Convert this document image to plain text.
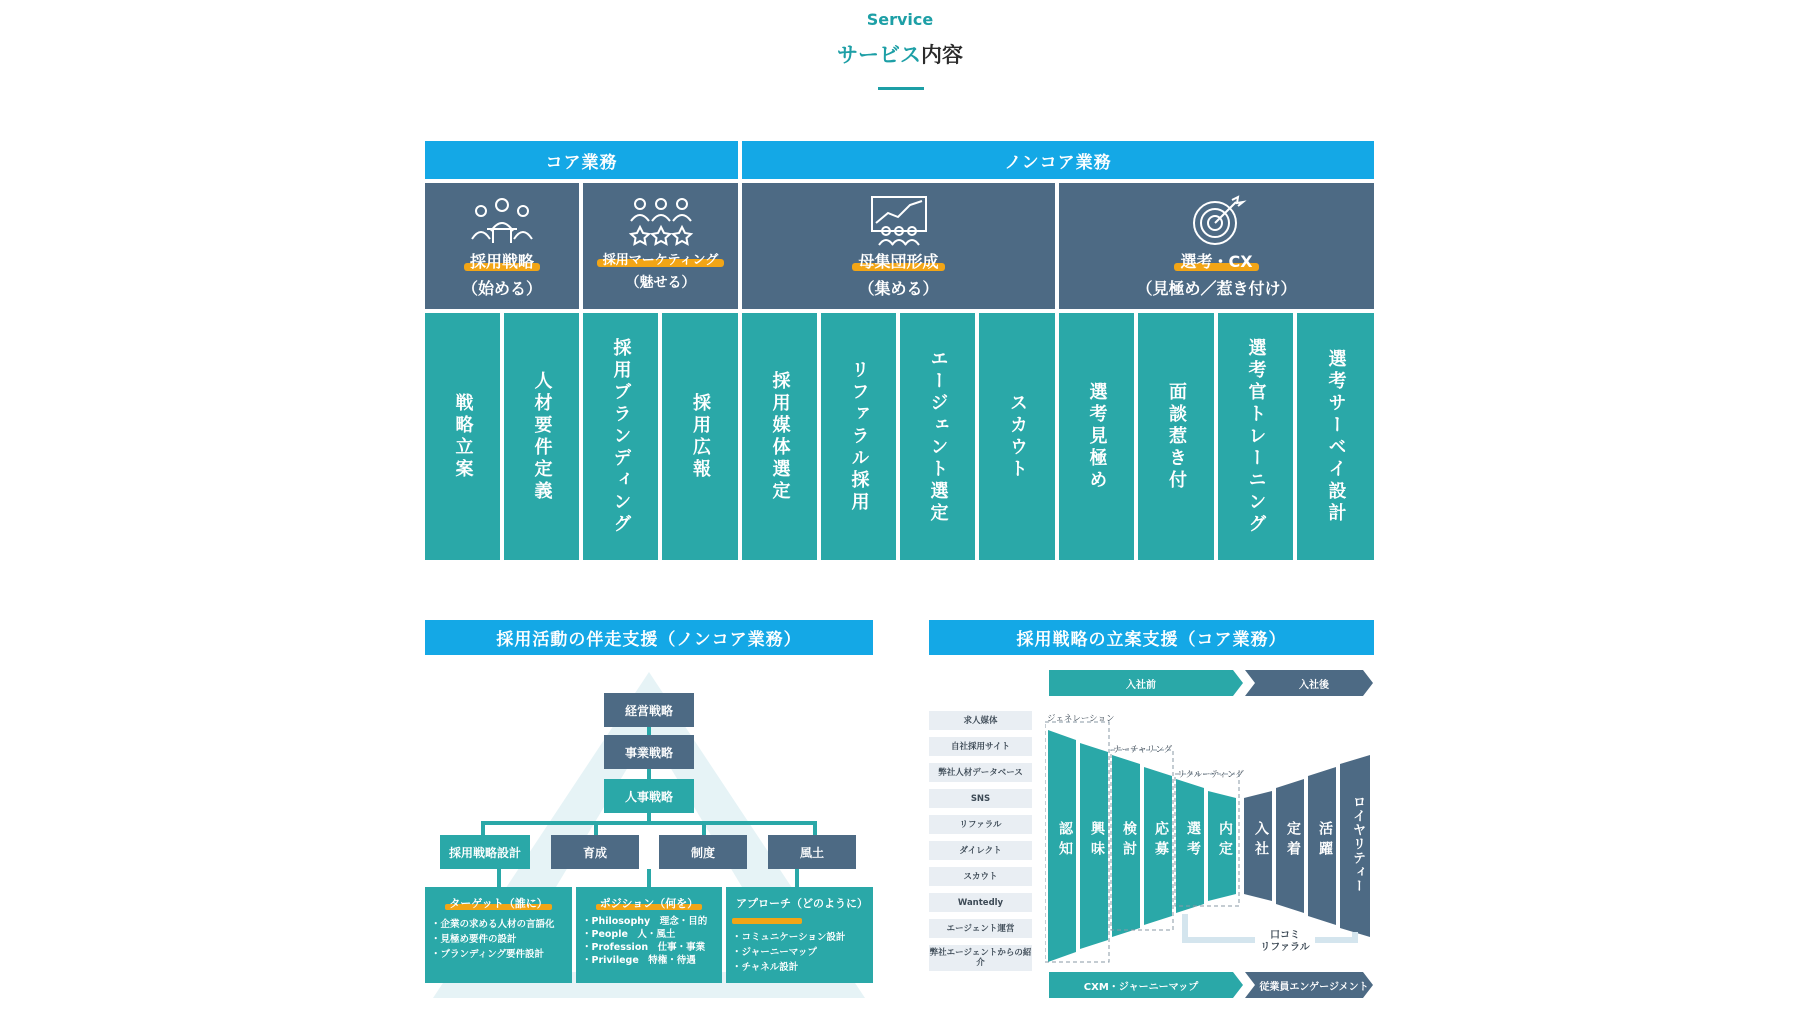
Service
サービス内容
コア業務	ノンコア業務
採用戦略
（始める）
採用マーケティング
（魅せる）
母集団形成
（集める）
選考・CX
（見極め／惹き付け）
戦略立案	人材要件定義	採用ブランディング	採用広報	採用媒体選定	リファラル採用	エージェント選定	スカウト	選考見極め	面談惹き付	選考官トレーニング	選考サーベイ設計
採用活動の伴走支援（ノンコア業務）
経営戦略
事業戦略
人事戦略
採用戦略設計	育成	制度	風土
ターゲット（誰に）
・企業の求める人材の言語化
・見極め要件の設計
・ブランディング要件設計
ポジション（何を）
・Philosophy　理念・目的
・People　人・風土
・Profession　仕事・事業
・Privilege　特権・待遇
アプローチ（どのように）
・コミュニケーション設計
・ジャーニーマップ
・チャネル設計
採用戦略の立案支援（コア業務）
入社前	入社後
求人媒体
自社採用サイト
弊社人材データベース
SNS
リファラル
ダイレクト
スカウト
Wantedly
エージェント運営
弊社エージェントからの紹介
ジェネレーション
ナーチャリング
リクルーティング
認知 興味 検討 応募 選考 内定 入社 定着 活躍 ロイヤリティー
口コミ
リファラル
CXM・ジャーニーマップ	従業員エンゲージメント
